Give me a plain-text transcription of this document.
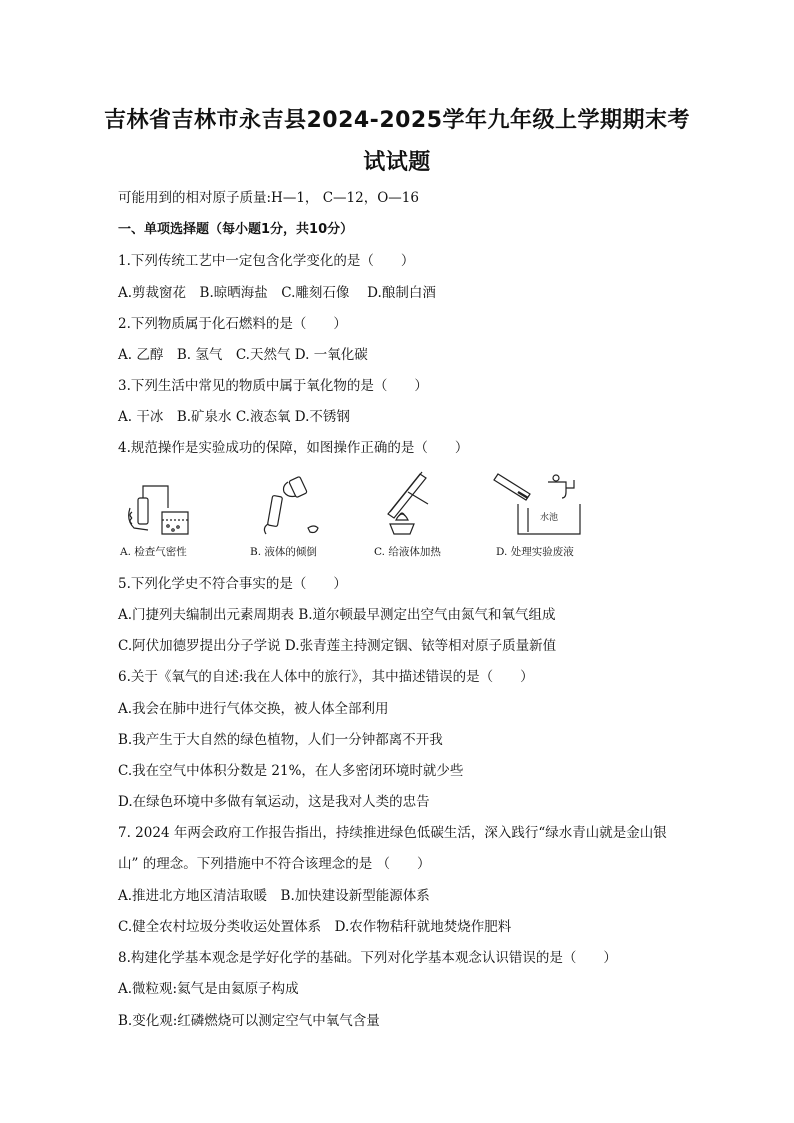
吉林省吉林市永吉县2024-2025学年九年级上学期期末考
试试题
可能用到的相对原子质量:H—1， C—12，O—16
一、单项选择题（每小题1分，共10分）
1.下列传统工艺中一定包含化学变化的是（　　）
A.剪裁窗花　B.晾晒海盐　C.雕刻石像　 D.酿制白酒
2.下列物质属于化石燃料的是（　　）
A. 乙醇　B. 氢气　C.天然气 D. 一氧化碳
3.下列生活中常见的物质中属于氧化物的是（　　）
A. 干冰　B.矿泉水 C.液态氧 D.不锈钢
4.规范操作是实验成功的保障，如图操作正确的是（　　）
A. 检查气密性	B. 液体的倾倒	C. 给液体加热
水池
D. 处理实验废液
5.下列化学史不符合事实的是（　　）
A.门捷列夫编制出元素周期表 B.道尔顿最早测定出空气由氮气和氧气组成
C.阿伏加德罗提出分子学说 D.张青莲主持测定铟、铱等相对原子质量新值
6.关于《氧气的自述:我在人体中的旅行》，其中描述错误的是（　　）
A.我会在肺中进行气体交换，被人体全部利用
B.我产生于大自然的绿色植物，人们一分钟都离不开我
C.我在空气中体积分数是 21%，在人多密闭环境时就少些
D.在绿色环境中多做有氧运动，这是我对人类的忠告
7. 2024 年两会政府工作报告指出，持续推进绿色低碳生活，深入践行“绿水青山就是金山银
山” 的理念。下列措施中不符合该理念的是 （　　）
A.推进北方地区清洁取暖　B.加快建设新型能源体系
C.健全农村垃圾分类收运处置体系　D.农作物秸秆就地焚烧作肥料
8.构建化学基本观念是学好化学的基础。下列对化学基本观念认识错误的是（　　）
A.微粒观:氦气是由氦原子构成
B.变化观:红磷燃烧可以测定空气中氧气含量
